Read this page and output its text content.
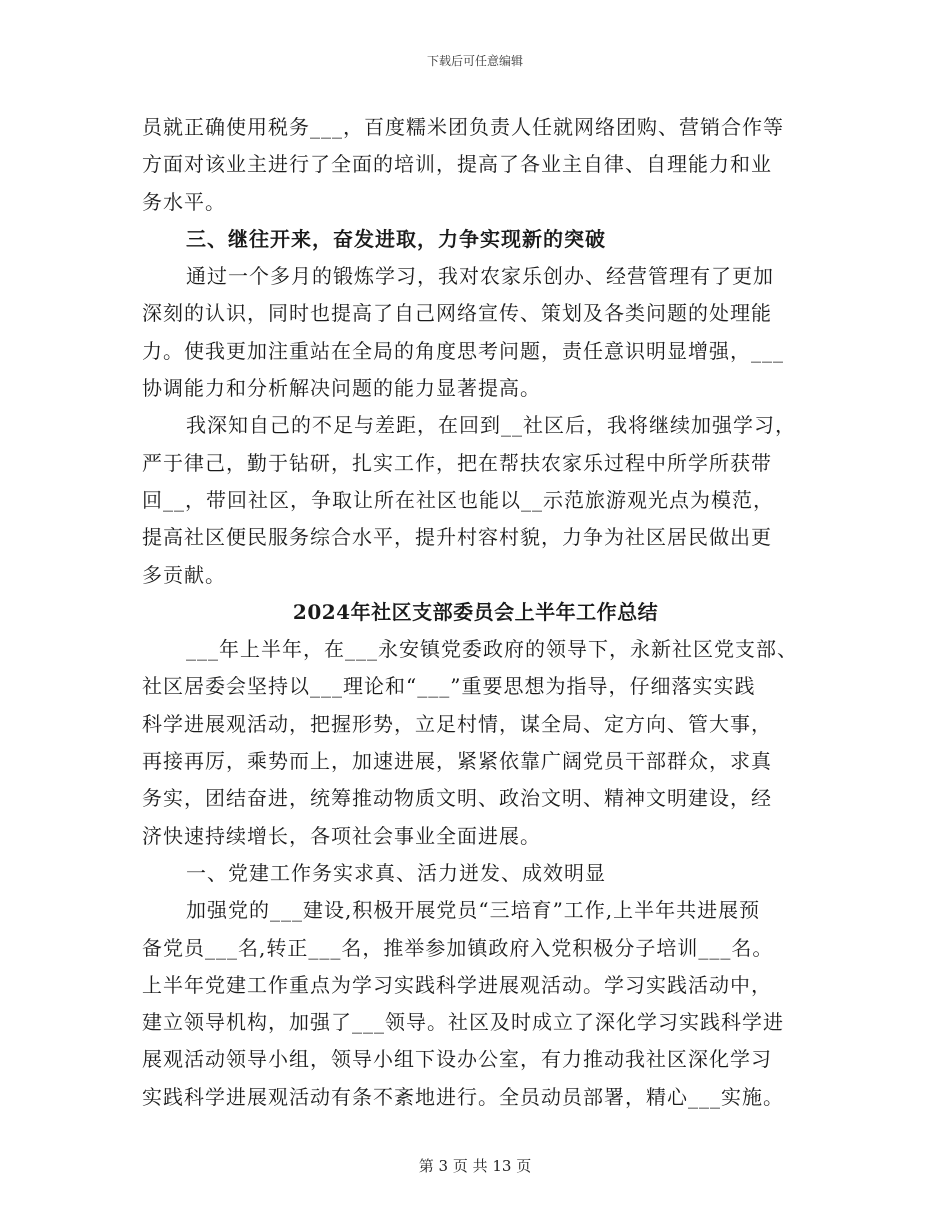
下载后可任意编辑
员就正确使用税务___，百度糯米团负责人任就网络团购、营销合作等
方面对该业主进行了全面的培训，提高了各业主自律、自理能力和业
务水平。
三、继往开来，奋发进取，力争实现新的突破
通过一个多月的锻炼学习，我对农家乐创办、经营管理有了更加
深刻的认识，同时也提高了自己网络宣传、策划及各类问题的处理能
力。使我更加注重站在全局的角度思考问题，责任意识明显增强，___
协调能力和分析解决问题的能力显著提高。
我深知自己的不足与差距，在回到__社区后，我将继续加强学习，
严于律己，勤于钻研，扎实工作，把在帮扶农家乐过程中所学所获带
回__，带回社区，争取让所在社区也能以__示范旅游观光点为模范，
提高社区便民服务综合水平，提升村容村貌，力争为社区居民做出更
多贡献。
2024年社区支部委员会上半年工作总结
___年上半年，在___永安镇党委政府的领导下，永新社区党支部、
社区居委会坚持以___理论和“___”重要思想为指导，仔细落实实践
科学进展观活动，把握形势，立足村情，谋全局、定方向、管大事，
再接再厉，乘势而上，加速进展，紧紧依靠广阔党员干部群众，求真
务实，团结奋进，统筹推动物质文明、政治文明、精神文明建设，经
济快速持续增长，各项社会事业全面进展。
一、党建工作务实求真、活力迸发、成效明显
加强党的___建设,积极开展党员“三培育”工作,上半年共进展预
备党员___名,转正___名，推举参加镇政府入党积极分子培训___名。
上半年党建工作重点为学习实践科学进展观活动。学习实践活动中，
建立领导机构，加强了___领导。社区及时成立了深化学习实践科学进
展观活动领导小组，领导小组下设办公室，有力推动我社区深化学习
实践科学进展观活动有条不紊地进行。全员动员部署，精心___实施。
第 3 页 共 13 页
